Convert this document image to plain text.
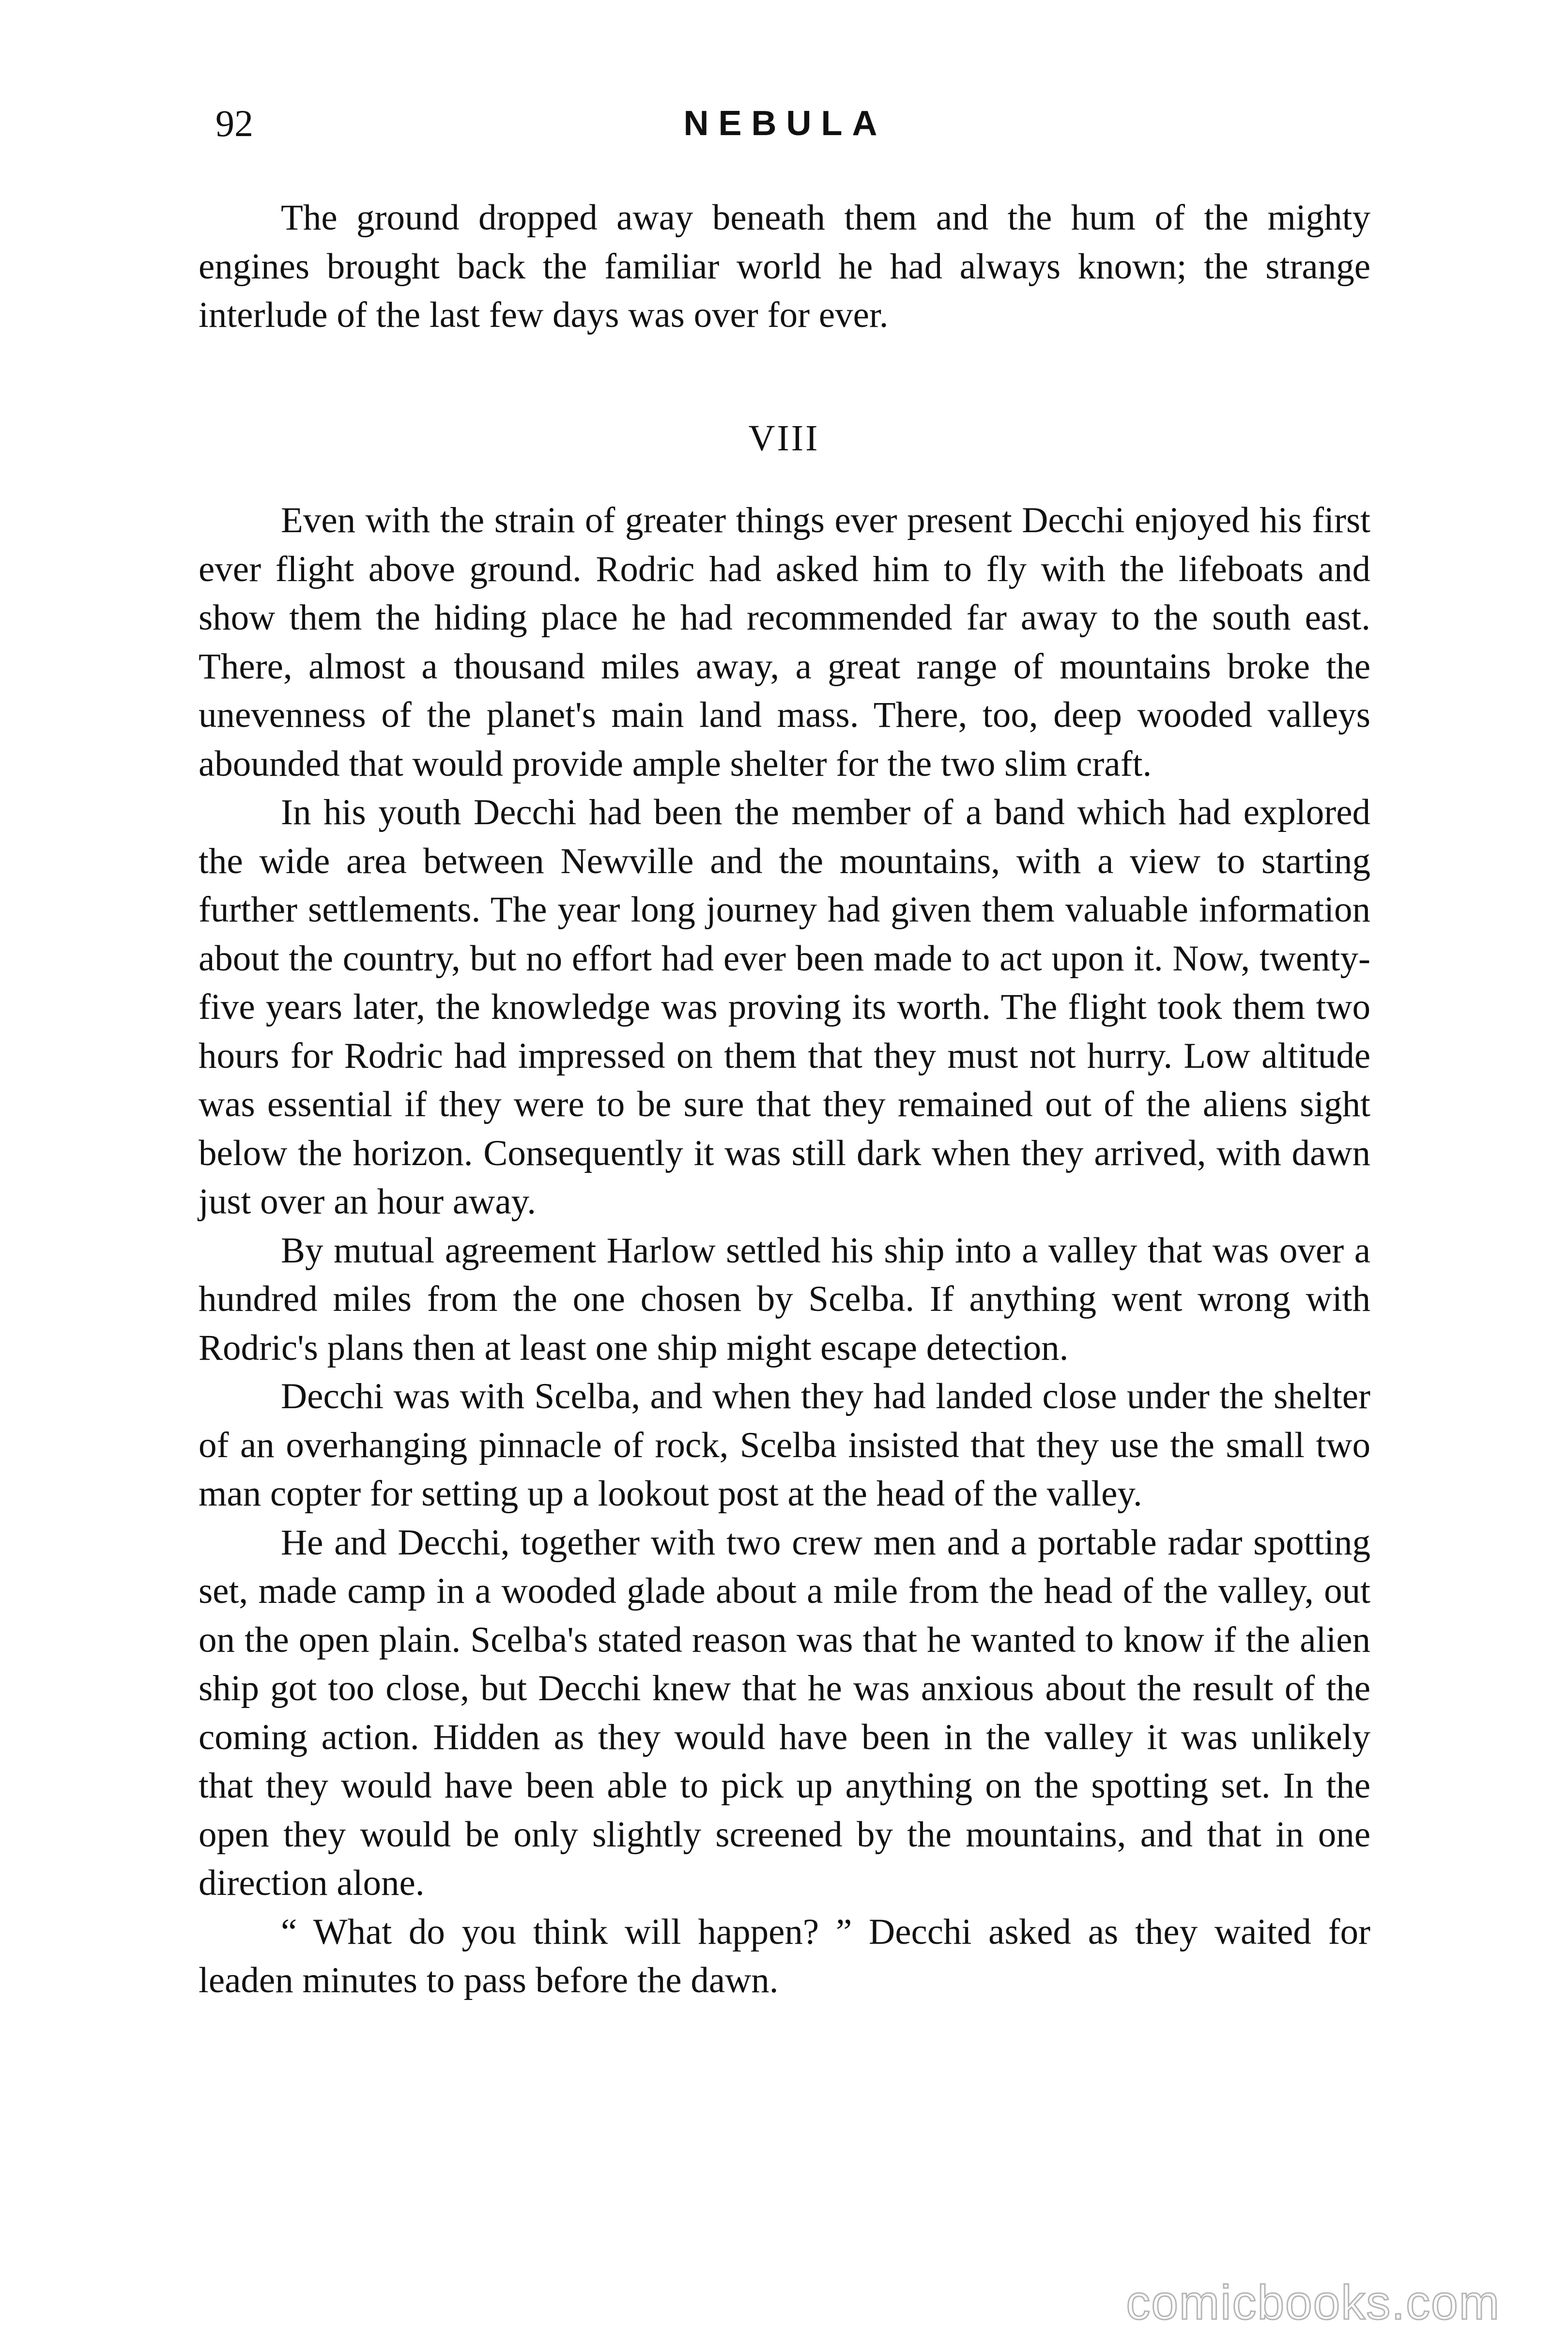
92	NEBULA

The ground dropped away beneath them and the hum of the mighty engines brought back the familiar world he had always known; the strange interlude of the last few days was over for ever.

VIII

Even with the strain of greater things ever present Decchi enjoyed his first ever flight above ground. Rodric had asked him to fly with the lifeboats and show them the hiding place he had recommended far away to the south east. There, almost a thousand miles away, a great range of mountains broke the unevenness of the planet's main land mass. There, too, deep wooded valleys abounded that would provide ample shelter for the two slim craft.

In his youth Decchi had been the member of a band which had explored the wide area between Newville and the mountains, with a view to starting further settlements. The year long journey had given them valuable information about the country, but no effort had ever been made to act upon it. Now, twenty-five years later, the knowledge was proving its worth. The flight took them two hours for Rodric had impressed on them that they must not hurry. Low altitude was essential if they were to be sure that they remained out of the aliens sight below the horizon. Consequently it was still dark when they arrived, with dawn just over an hour away.

By mutual agreement Harlow settled his ship into a valley that was over a hundred miles from the one chosen by Scelba. If anything went wrong with Rodric's plans then at least one ship might escape detection.

Decchi was with Scelba, and when they had landed close under the shelter of an overhanging pinnacle of rock, Scelba insisted that they use the small two man copter for setting up a lookout post at the head of the valley.

He and Decchi, together with two crew men and a portable radar spotting set, made camp in a wooded glade about a mile from the head of the valley, out on the open plain. Scelba's stated reason was that he wanted to know if the alien ship got too close, but Decchi knew that he was anxious about the result of the coming action. Hidden as they would have been in the valley it was unlikely that they would have been able to pick up anything on the spotting set. In the open they would be only slightly screened by the mountains, and that in one direction alone.

“ What do you think will happen? ” Decchi asked as they waited for leaden minutes to pass before the dawn.

comicbooks.com
